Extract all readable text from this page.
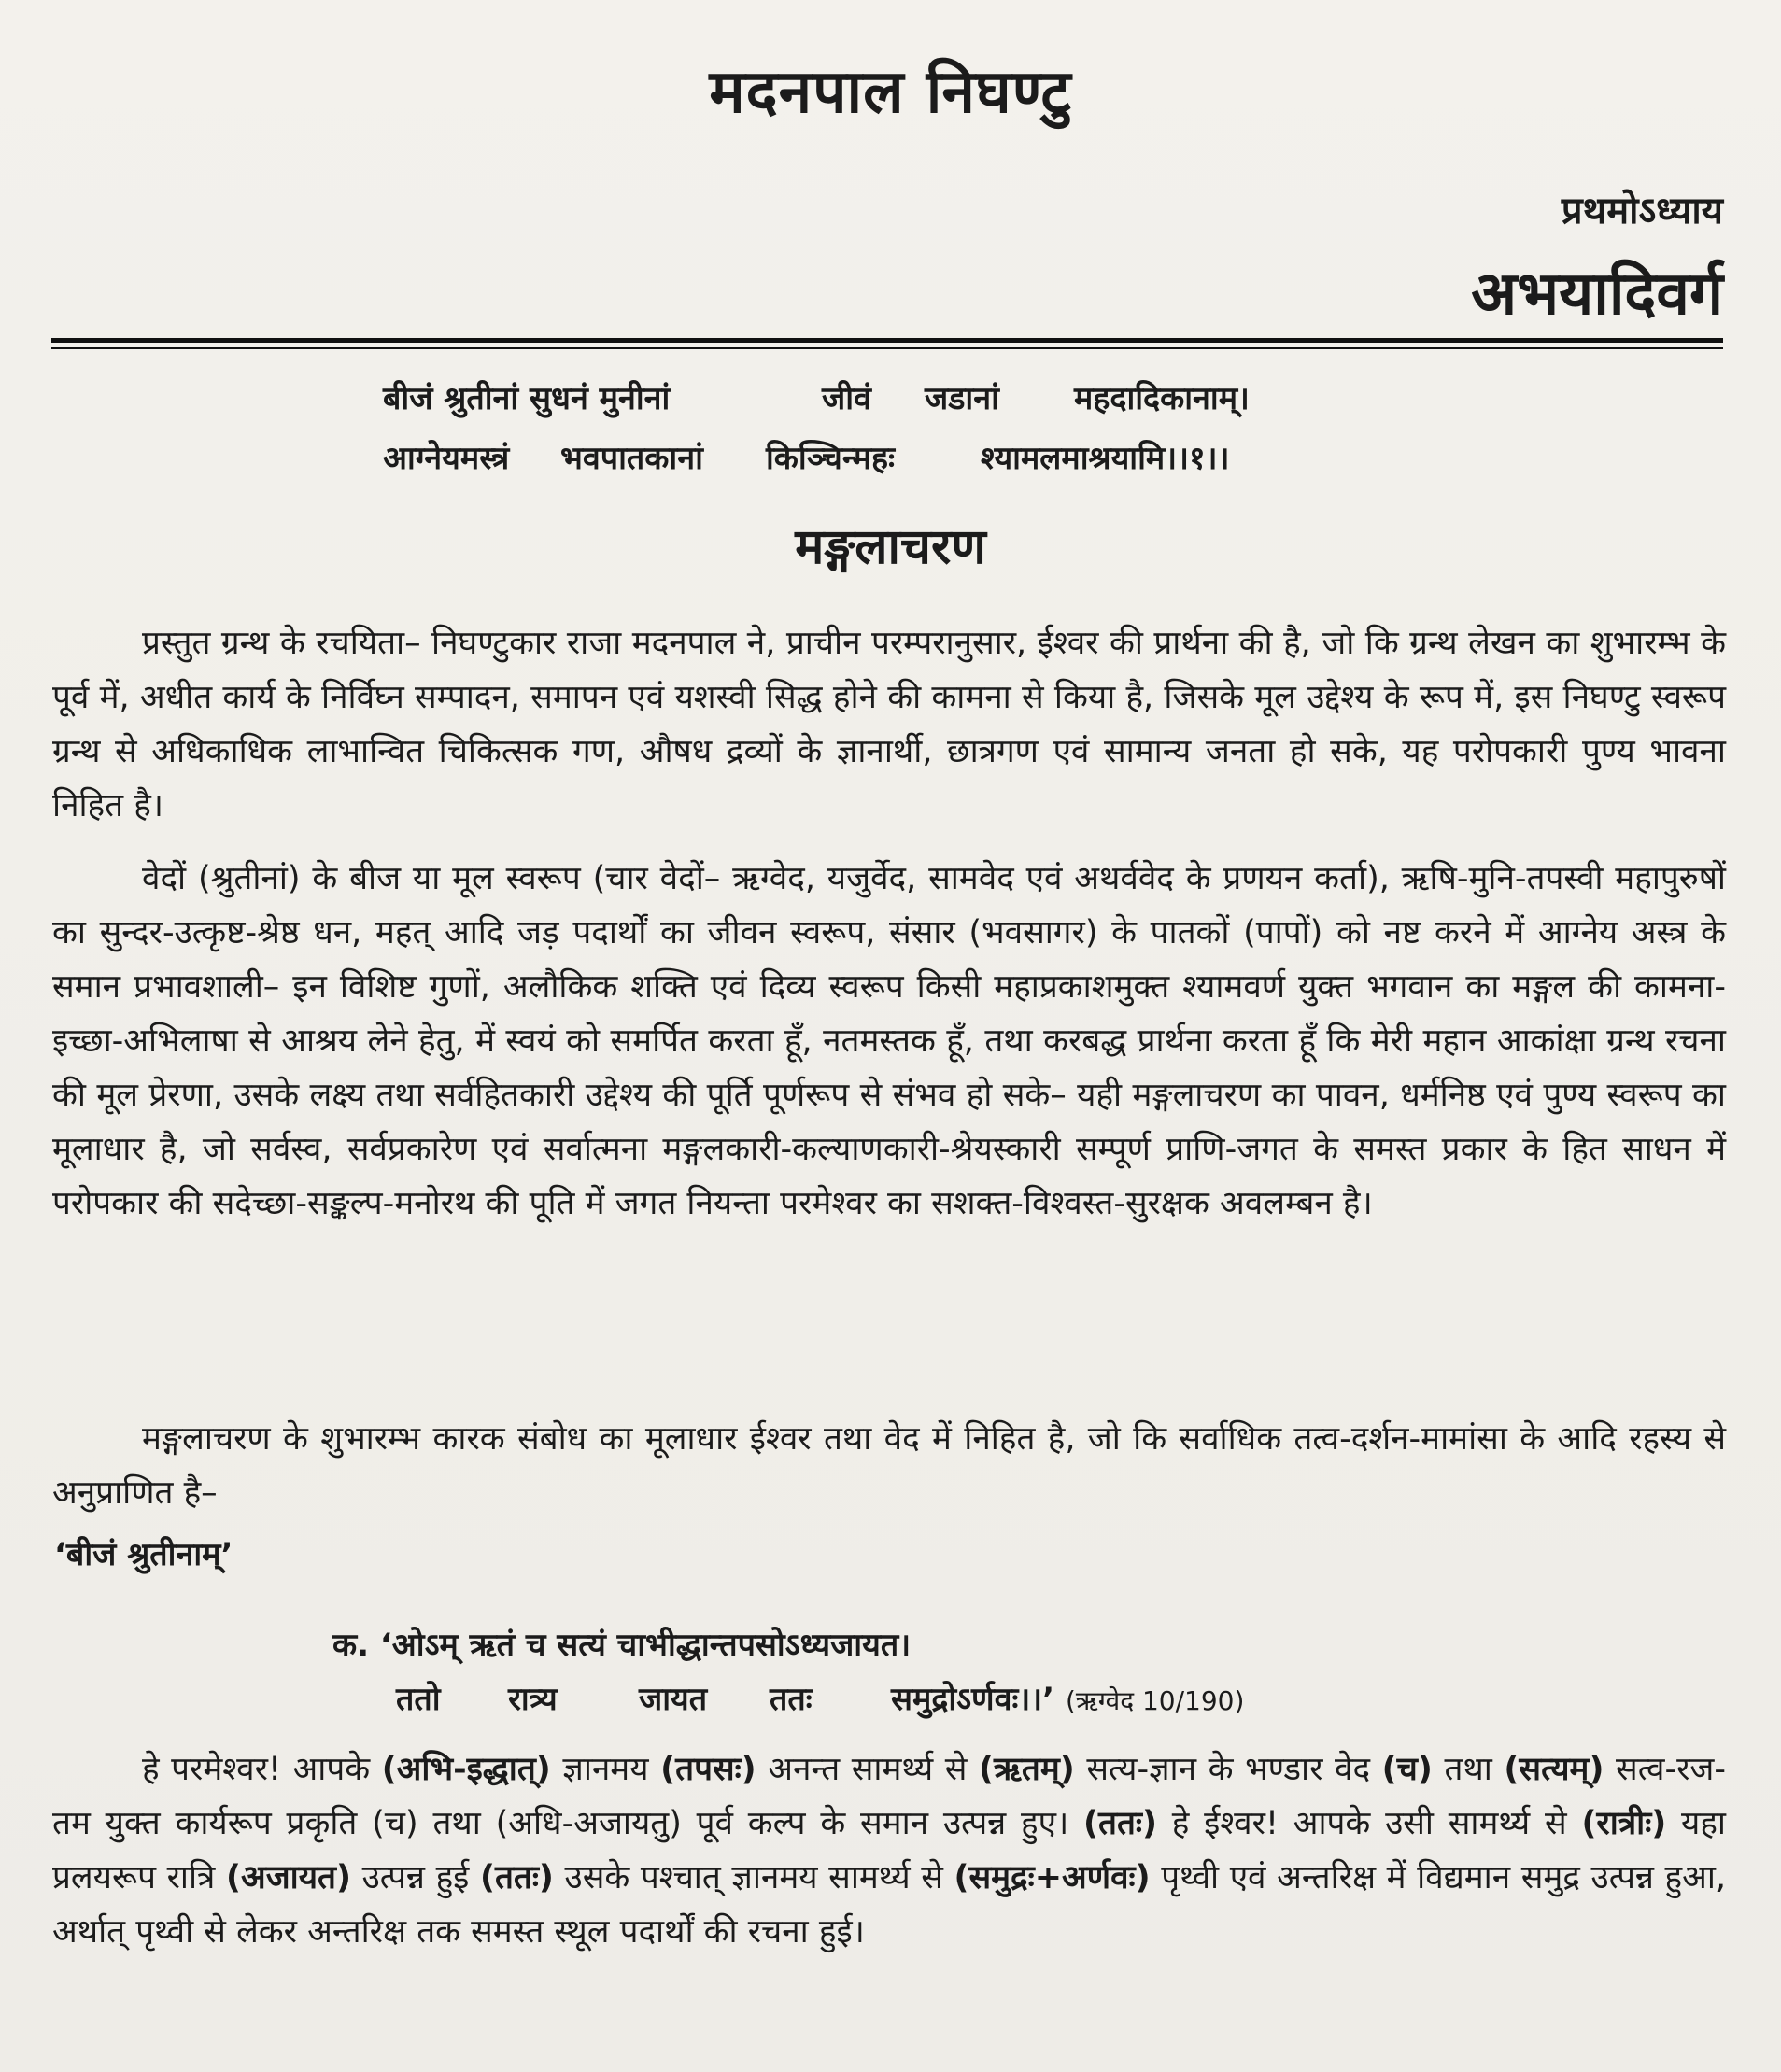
मदनपाल निघण्टु
प्रथमोऽध्याय
अभयादिवर्ग
बीजं श्रुतीनां सुधनं मुनीनां	जीवं जडानां महदादिकानाम्।
आग्नेयमस्त्रं भवपातकानां किञ्चिन्महः	श्यामलमाश्रयामि।।१।।
मङ्गलाचरण
प्रस्तुत ग्रन्थ के रचयिता– निघण्टुकार राजा मदनपाल ने, प्राचीन परम्परानुसार, ईश्वर की प्रार्थना की है, जो कि ग्रन्थ लेखन का शुभारम्भ के पूर्व में, अधीत कार्य के निर्विघ्न सम्पादन, समापन एवं यशस्वी सिद्ध होने की कामना से किया है, जिसके मूल उद्देश्य के रूप में, इस निघण्टु स्वरूप ग्रन्थ से अधिकाधिक लाभान्वित चिकित्सक गण, औषध द्रव्यों के ज्ञानार्थी, छात्रगण एवं सामान्य जनता हो सके, यह परोपकारी पुण्य भावना निहित है।
वेदों (श्रुतीनां) के बीज या मूल स्वरूप (चार वेदों– ऋग्वेद, यजुर्वेद, सामवेद एवं अथर्ववेद के प्रणयन कर्ता), ऋषि-मुनि-तपस्वी महापुरुषों का सुन्दर-उत्कृष्ट-श्रेष्ठ धन, महत् आदि जड़ पदार्थों का जीवन स्वरूप, संसार (भवसागर) के पातकों (पापों) को नष्ट करने में आग्नेय अस्त्र के समान प्रभावशाली– इन विशिष्ट गुणों, अलौकिक शक्ति एवं दिव्य स्वरूप किसी महाप्रकाशमुक्त श्यामवर्ण युक्त भगवान का मङ्गल की कामना-इच्छा-अभिलाषा से आश्रय लेने हेतु, में स्वयं को समर्पित करता हूँ, नतमस्तक हूँ, तथा करबद्ध प्रार्थना करता हूँ कि मेरी महान आकांक्षा ग्रन्थ रचना की मूल प्रेरणा, उसके लक्ष्य तथा सर्वहितकारी उद्देश्य की पूर्ति पूर्णरूप से संभव हो सके– यही मङ्गलाचरण का पावन, धर्मनिष्ठ एवं पुण्य स्वरूप का मूलाधार है, जो सर्वस्व, सर्वप्रकारेण एवं सर्वात्मना मङ्गलकारी-कल्याणकारी-श्रेयस्कारी सम्पूर्ण प्राणि-जगत के समस्त प्रकार के हित साधन में परोपकार की सदेच्छा-सङ्कल्प-मनोरथ की पूति में जगत नियन्ता परमेश्वर का सशक्त-विश्वस्त-सुरक्षक अवलम्बन है।
मङ्गलाचरण के शुभारम्भ कारक संबोध का मूलाधार ईश्वर तथा वेद में निहित है, जो कि सर्वाधिक तत्व-दर्शन-मामांसा के आदि रहस्य से अनुप्राणित है–
‘बीजं श्रुतीनाम्’
क. ‘ओऽम् ऋतं च सत्यं चाभीद्धान्तपसोऽध्यजायत।
ततो रात्र्य	जायत ततः समुद्रोऽर्णवः।।’ (ऋग्वेद 10/190)
हे परमेश्वर! आपके (अभि-इद्धात्) ज्ञानमय (तपसः) अनन्त सामर्थ्य से (ऋतम्) सत्य-ज्ञान के भण्डार वेद (च) तथा (सत्यम्) सत्व-रज-तम युक्त कार्यरूप प्रकृति (च) तथा (अधि-अजायतु) पूर्व कल्प के समान उत्पन्न हुए। (ततः) हे ईश्वर! आपके उसी सामर्थ्य से (रात्रीः) यहा प्रलयरूप रात्रि (अजायत) उत्पन्न हुई (ततः) उसके पश्चात् ज्ञानमय सामर्थ्य से (समुद्रः+अर्णवः) पृथ्वी एवं अन्तरिक्ष में विद्यमान समुद्र उत्पन्न हुआ, अर्थात् पृथ्वी से लेकर अन्तरिक्ष तक समस्त स्थूल पदार्थों की रचना हुई।
